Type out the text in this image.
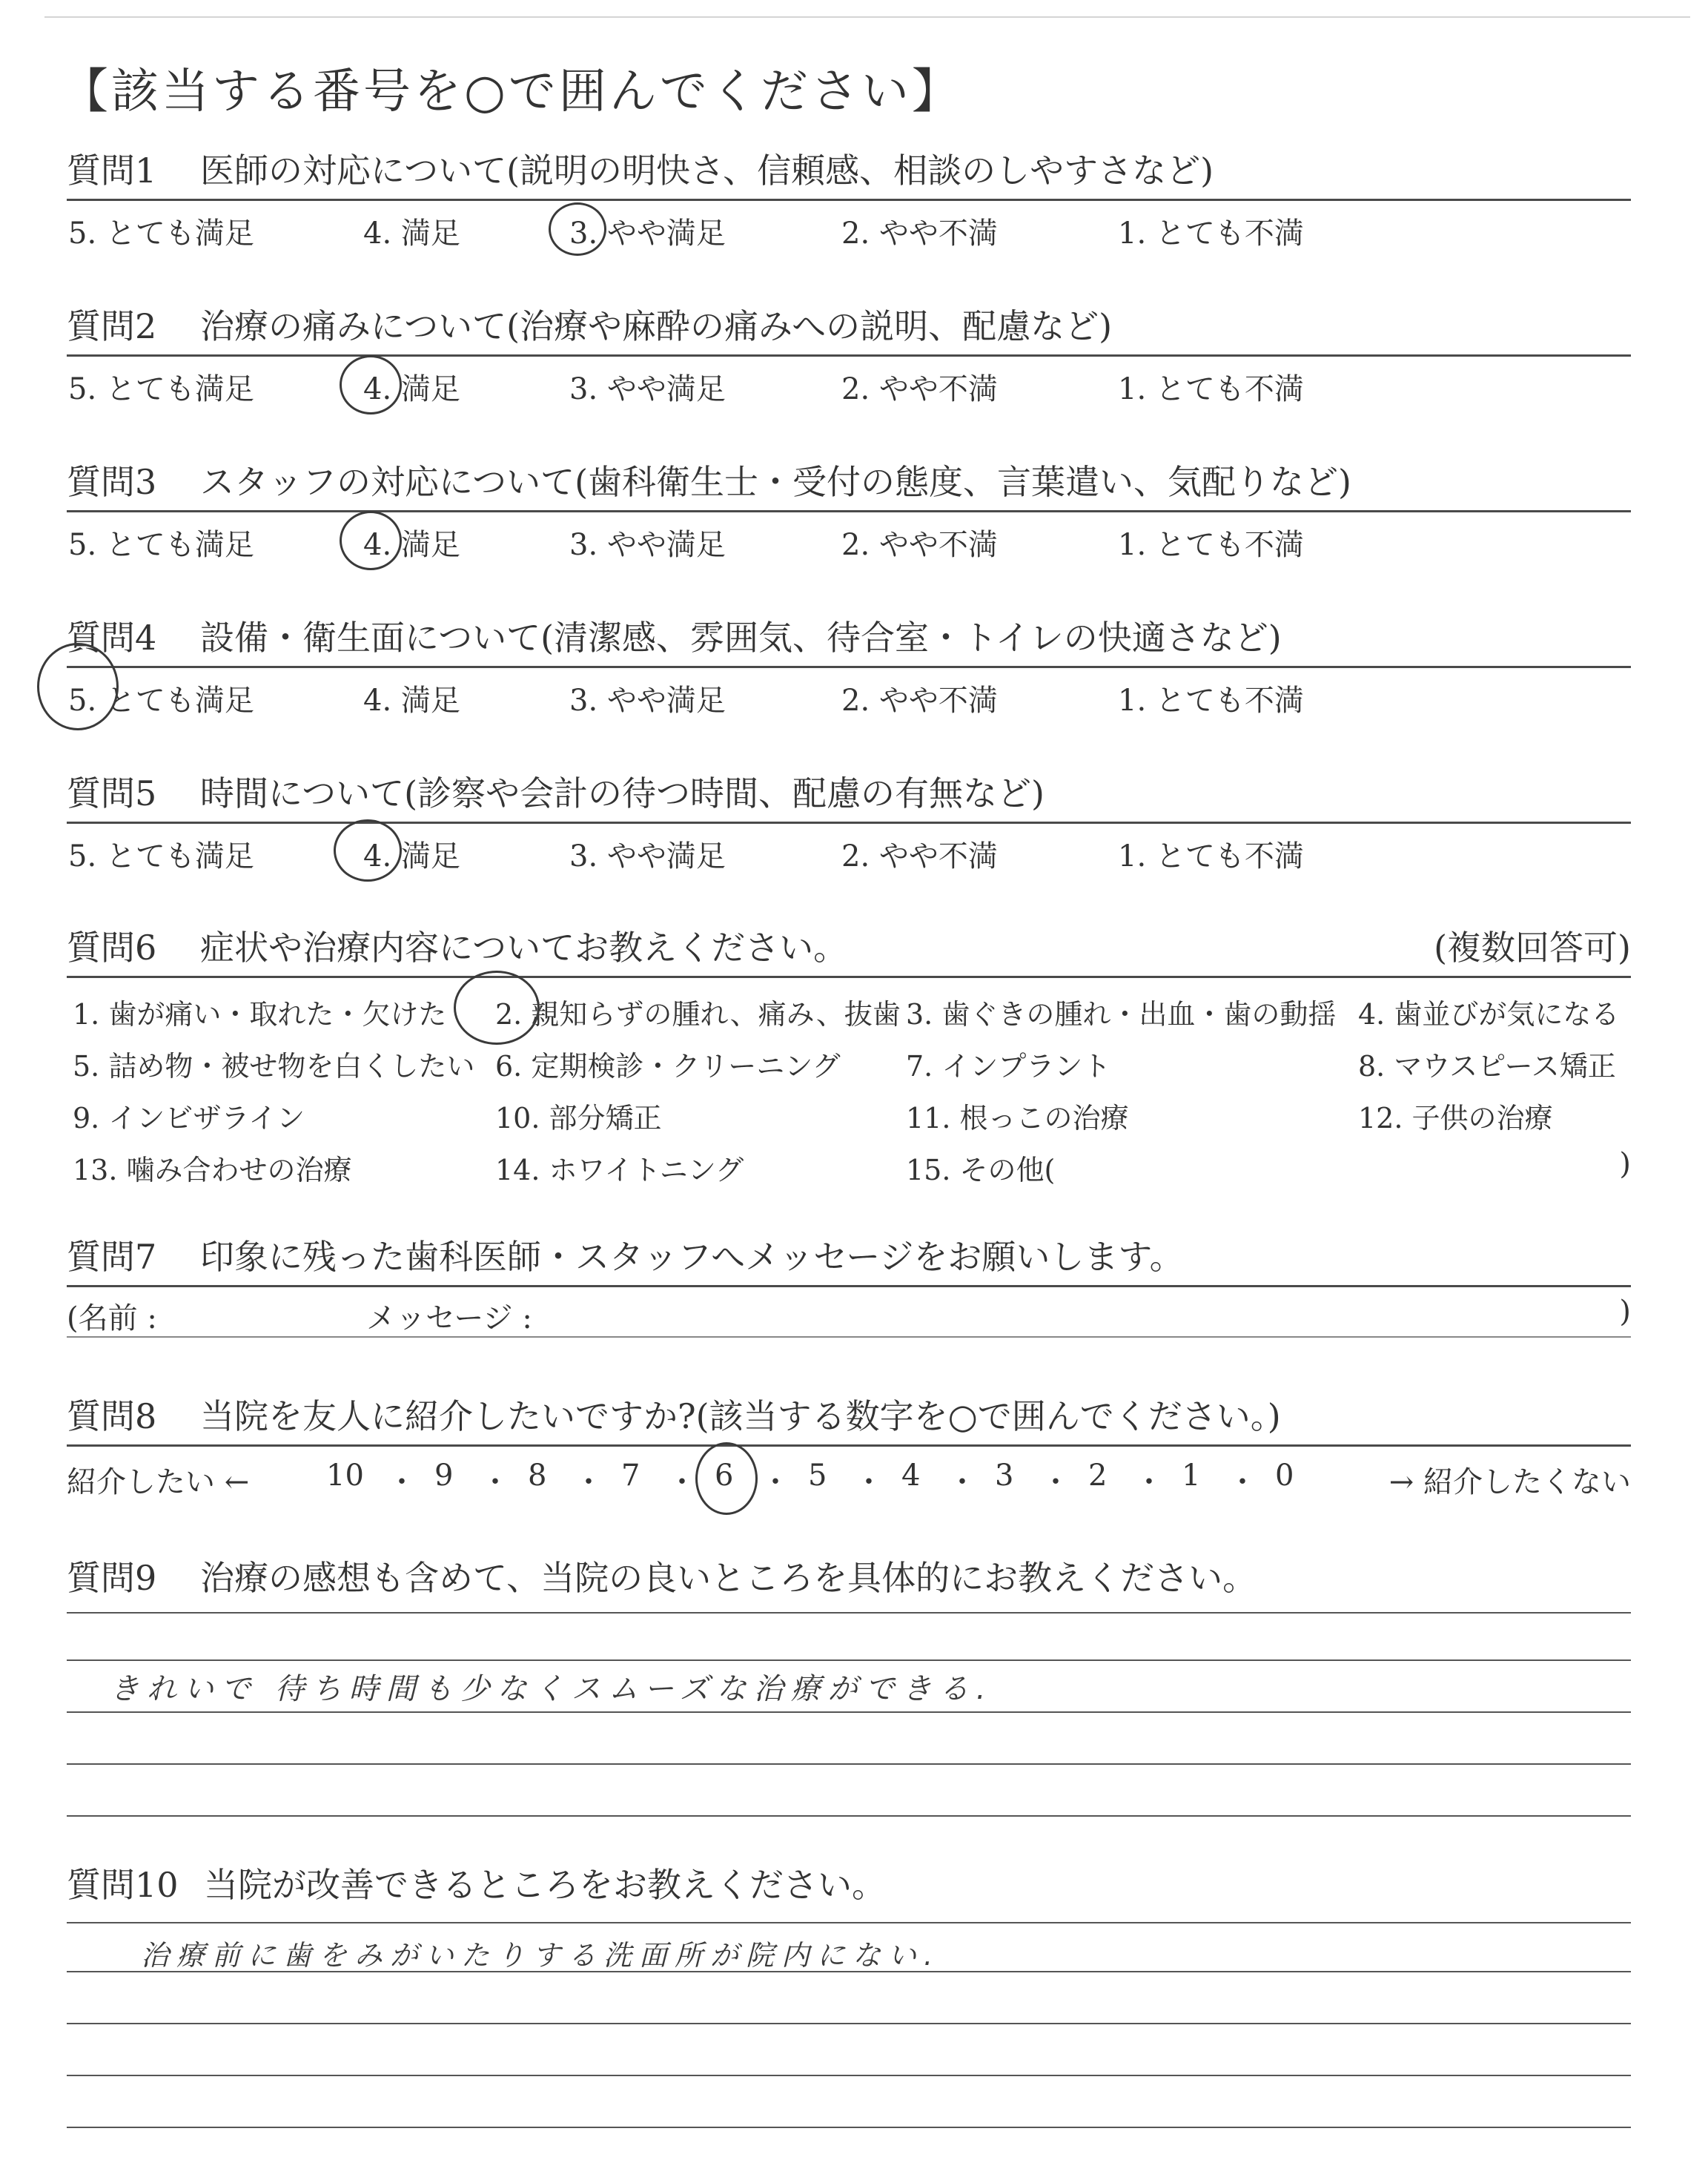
【該当する番号を○で囲んでください】
質問1 医師の対応について(説明の明快さ、信頼感、相談のしやすさなど)
5. とても満足	4. 満足	3. やや満足	2. やや不満	1. とても不満
質問2 治療の痛みについて(治療や麻酔の痛みへの説明、配慮など)
5. とても満足	4. 満足	3. やや満足	2. やや不満	1. とても不満
質問3 スタッフの対応について(歯科衛生士・受付の態度、言葉遣い、気配りなど)
5. とても満足	4. 満足	3. やや満足	2. やや不満	1. とても不満
質問4 設備・衛生面について(清潔感、雰囲気、待合室・トイレの快適さなど)
5. とても満足	4. 満足	3. やや満足	2. やや不満	1. とても不満
質問5 時間について(診察や会計の待つ時間、配慮の有無など)
5. とても満足	4. 満足	3. やや満足	2. やや不満	1. とても不満
質問6 症状や治療内容についてお教えください。	(複数回答可)
1. 歯が痛い・取れた・欠けた 2. 親知らずの腫れ、痛み、抜歯 3. 歯ぐきの腫れ・出血・歯の動揺 4. 歯並びが気になる
5. 詰め物・被せ物を白くしたい 6. 定期検診・クリーニング 7. インプラント	8. マウスピース矯正
9. インビザライン	10. 部分矯正	11. 根っこの治療	12. 子供の治療
13. 噛み合わせの治療	14. ホワイトニング	15. その他(	)
質問7 印象に残った歯科医師・スタッフへメッセージをお願いします。
(名前 :	メッセージ :	)
質問8 当院を友人に紹介したいですか?(該当する数字を○で囲んでください。)
紹介したい ←	10 ・ 9 ・ 8 ・ 7 ・ 6 ・ 5 ・ 4 ・ 3 ・ 2 ・ 1 ・ 0	→ 紹介したくない
質問9 治療の感想も含めて、当院の良いところを具体的にお教えください。
きれいで 待ち時間も少なくスムーズな治療ができる.
質問10 当院が改善できるところをお教えください。
治療前に歯をみがいたりする洗面所が院内にない.
